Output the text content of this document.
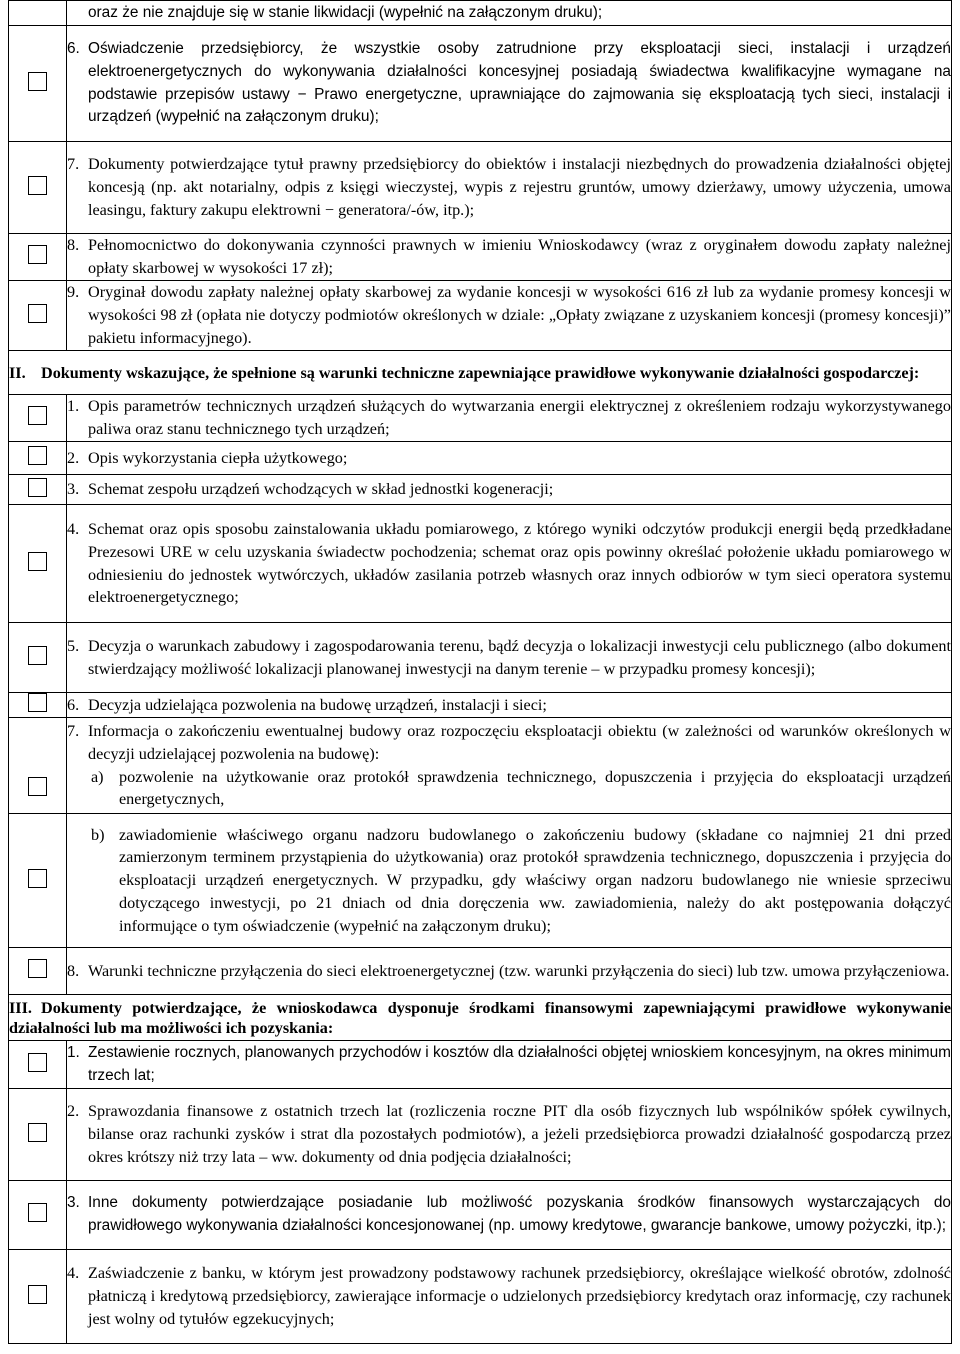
	oraz że nie znajduje się w stanie likwidacji (wypełnić na załączonym druku);

	6. Oświadczenie przedsiębiorcy, że wszystkie osoby zatrudnione przy eksploatacji sieci, instalacji i urządzeń elektroenergetycznych do wykonywania działalności koncesyjnej posiadają świadectwa kwalifikacyjne wymagane na podstawie przepisów ustawy − Prawo energetyczne, uprawniające do zajmowania się eksploatacją tych sieci, instalacji i urządzeń (wypełnić na załączonym druku);

	7. Dokumenty potwierdzające tytuł prawny przedsiębiorcy do obiektów i instalacji niezbędnych do prowadzenia działalności objętej koncesją (np. akt notarialny, odpis z księgi wieczystej, wypis z rejestru gruntów, umowy dzierżawy, umowy użyczenia, umowa leasingu, faktury zakupu elektrowni − generatora/-ów, itp.);

	8. Pełnomocnictwo do dokonywania czynności prawnych w imieniu Wnioskodawcy (wraz z oryginałem dowodu zapłaty należnej opłaty skarbowej w wysokości 17 zł);

	9. Oryginał dowodu zapłaty należnej opłaty skarbowej za wydanie koncesji w wysokości 616 zł lub za wydanie promesy koncesji w wysokości 98 zł (opłata nie dotyczy podmiotów określonych w dziale: „Opłaty związane z uzyskaniem koncesji (promesy koncesji)” pakietu informacyjnego).

II. Dokumenty wskazujące, że spełnione są warunki techniczne zapewniające prawidłowe wykonywanie działalności gospodarczej:	

	1. Opis parametrów technicznych urządzeń służących do wytwarzania energii elektrycznej z określeniem rodzaju wykorzystywanego paliwa oraz stanu technicznego tych urządzeń;

	2. Opis wykorzystania ciepła użytkowego;

	3. Schemat zespołu urządzeń wchodzących w skład jednostki kogeneracji;

	4. Schemat oraz opis sposobu zainstalowania układu pomiarowego, z którego wyniki odczytów produkcji energii będą przedkładane Prezesowi URE w celu uzyskania świadectw pochodzenia; schemat oraz opis powinny określać położenie układu pomiarowego w odniesieniu do jednostek wytwórczych, układów zasilania potrzeb własnych oraz innych odbiorów w tym sieci operatora systemu elektroenergetycznego;

	5. Decyzja o warunkach zabudowy i zagospodarowania terenu, bądź decyzja o lokalizacji inwestycji celu publicznego (albo dokument stwierdzający możliwość lokalizacji planowanej inwestycji na danym terenie – w przypadku promesy koncesji);

	6. Decyzja udzielająca pozwolenia na budowę urządzeń, instalacji i sieci;

	7. Informacja o zakończeniu ewentualnej budowy oraz rozpoczęciu eksploatacji obiektu (w zależności od warunków określonych w decyzji udzielającej pozwolenia na budowę):
a) pozwolenie na użytkowanie oraz protokół sprawdzenia technicznego, dopuszczenia i przyjęcia do eksploatacji urządzeń energetycznych,

	b) zawiadomienie właściwego organu nadzoru budowlanego o zakończeniu budowy (składane co najmniej 21 dni przed zamierzonym terminem przystąpienia do użytkowania) oraz protokół sprawdzenia technicznego, dopuszczenia i przyjęcia do eksploatacji urządzeń energetycznych. W przypadku, gdy właściwy organ nadzoru budowlanego nie wniesie sprzeciwu dotyczącego inwestycji, po 21 dniach od dnia doręczenia ww. zawiadomienia, należy do akt postępowania dołączyć informujące o tym oświadczenie (wypełnić na załączonym druku);

	8. Warunki techniczne przyłączenia do sieci elektroenergetycznej (tzw. warunki przyłączenia do sieci) lub tzw. umowa przyłączeniowa.

III. Dokumenty potwierdzające, że wnioskodawca dysponuje środkami finansowymi zapewniającymi prawidłowe wykonywanie działalności lub ma możliwości ich pozyskania:	

	1. Zestawienie rocznych, planowanych przychodów i kosztów dla działalności objętej wnioskiem koncesyjnym, na okres minimum trzech lat;

	2. Sprawozdania finansowe z ostatnich trzech lat (rozliczenia roczne PIT dla osób fizycznych lub wspólników spółek cywilnych, bilanse oraz rachunki zysków i strat dla pozostałych podmiotów), a jeżeli przedsiębiorca prowadzi działalność gospodarczą przez okres krótszy niż trzy lata – ww. dokumenty od dnia podjęcia działalności;

	3. Inne dokumenty potwierdzające posiadanie lub możliwość pozyskania środków finansowych wystarczających do prawidłowego wykonywania działalności koncesjonowanej (np. umowy kredytowe, gwarancje bankowe, umowy pożyczki, itp.);

	4. Zaświadczenie z banku, w którym jest prowadzony podstawowy rachunek przedsiębiorcy, określające wielkość obrotów, zdolność płatniczą i kredytową przedsiębiorcy, zawierające informacje o udzielonych przedsiębiorcy kredytach oraz informację, czy rachunek jest wolny od tytułów egzekucyjnych;
